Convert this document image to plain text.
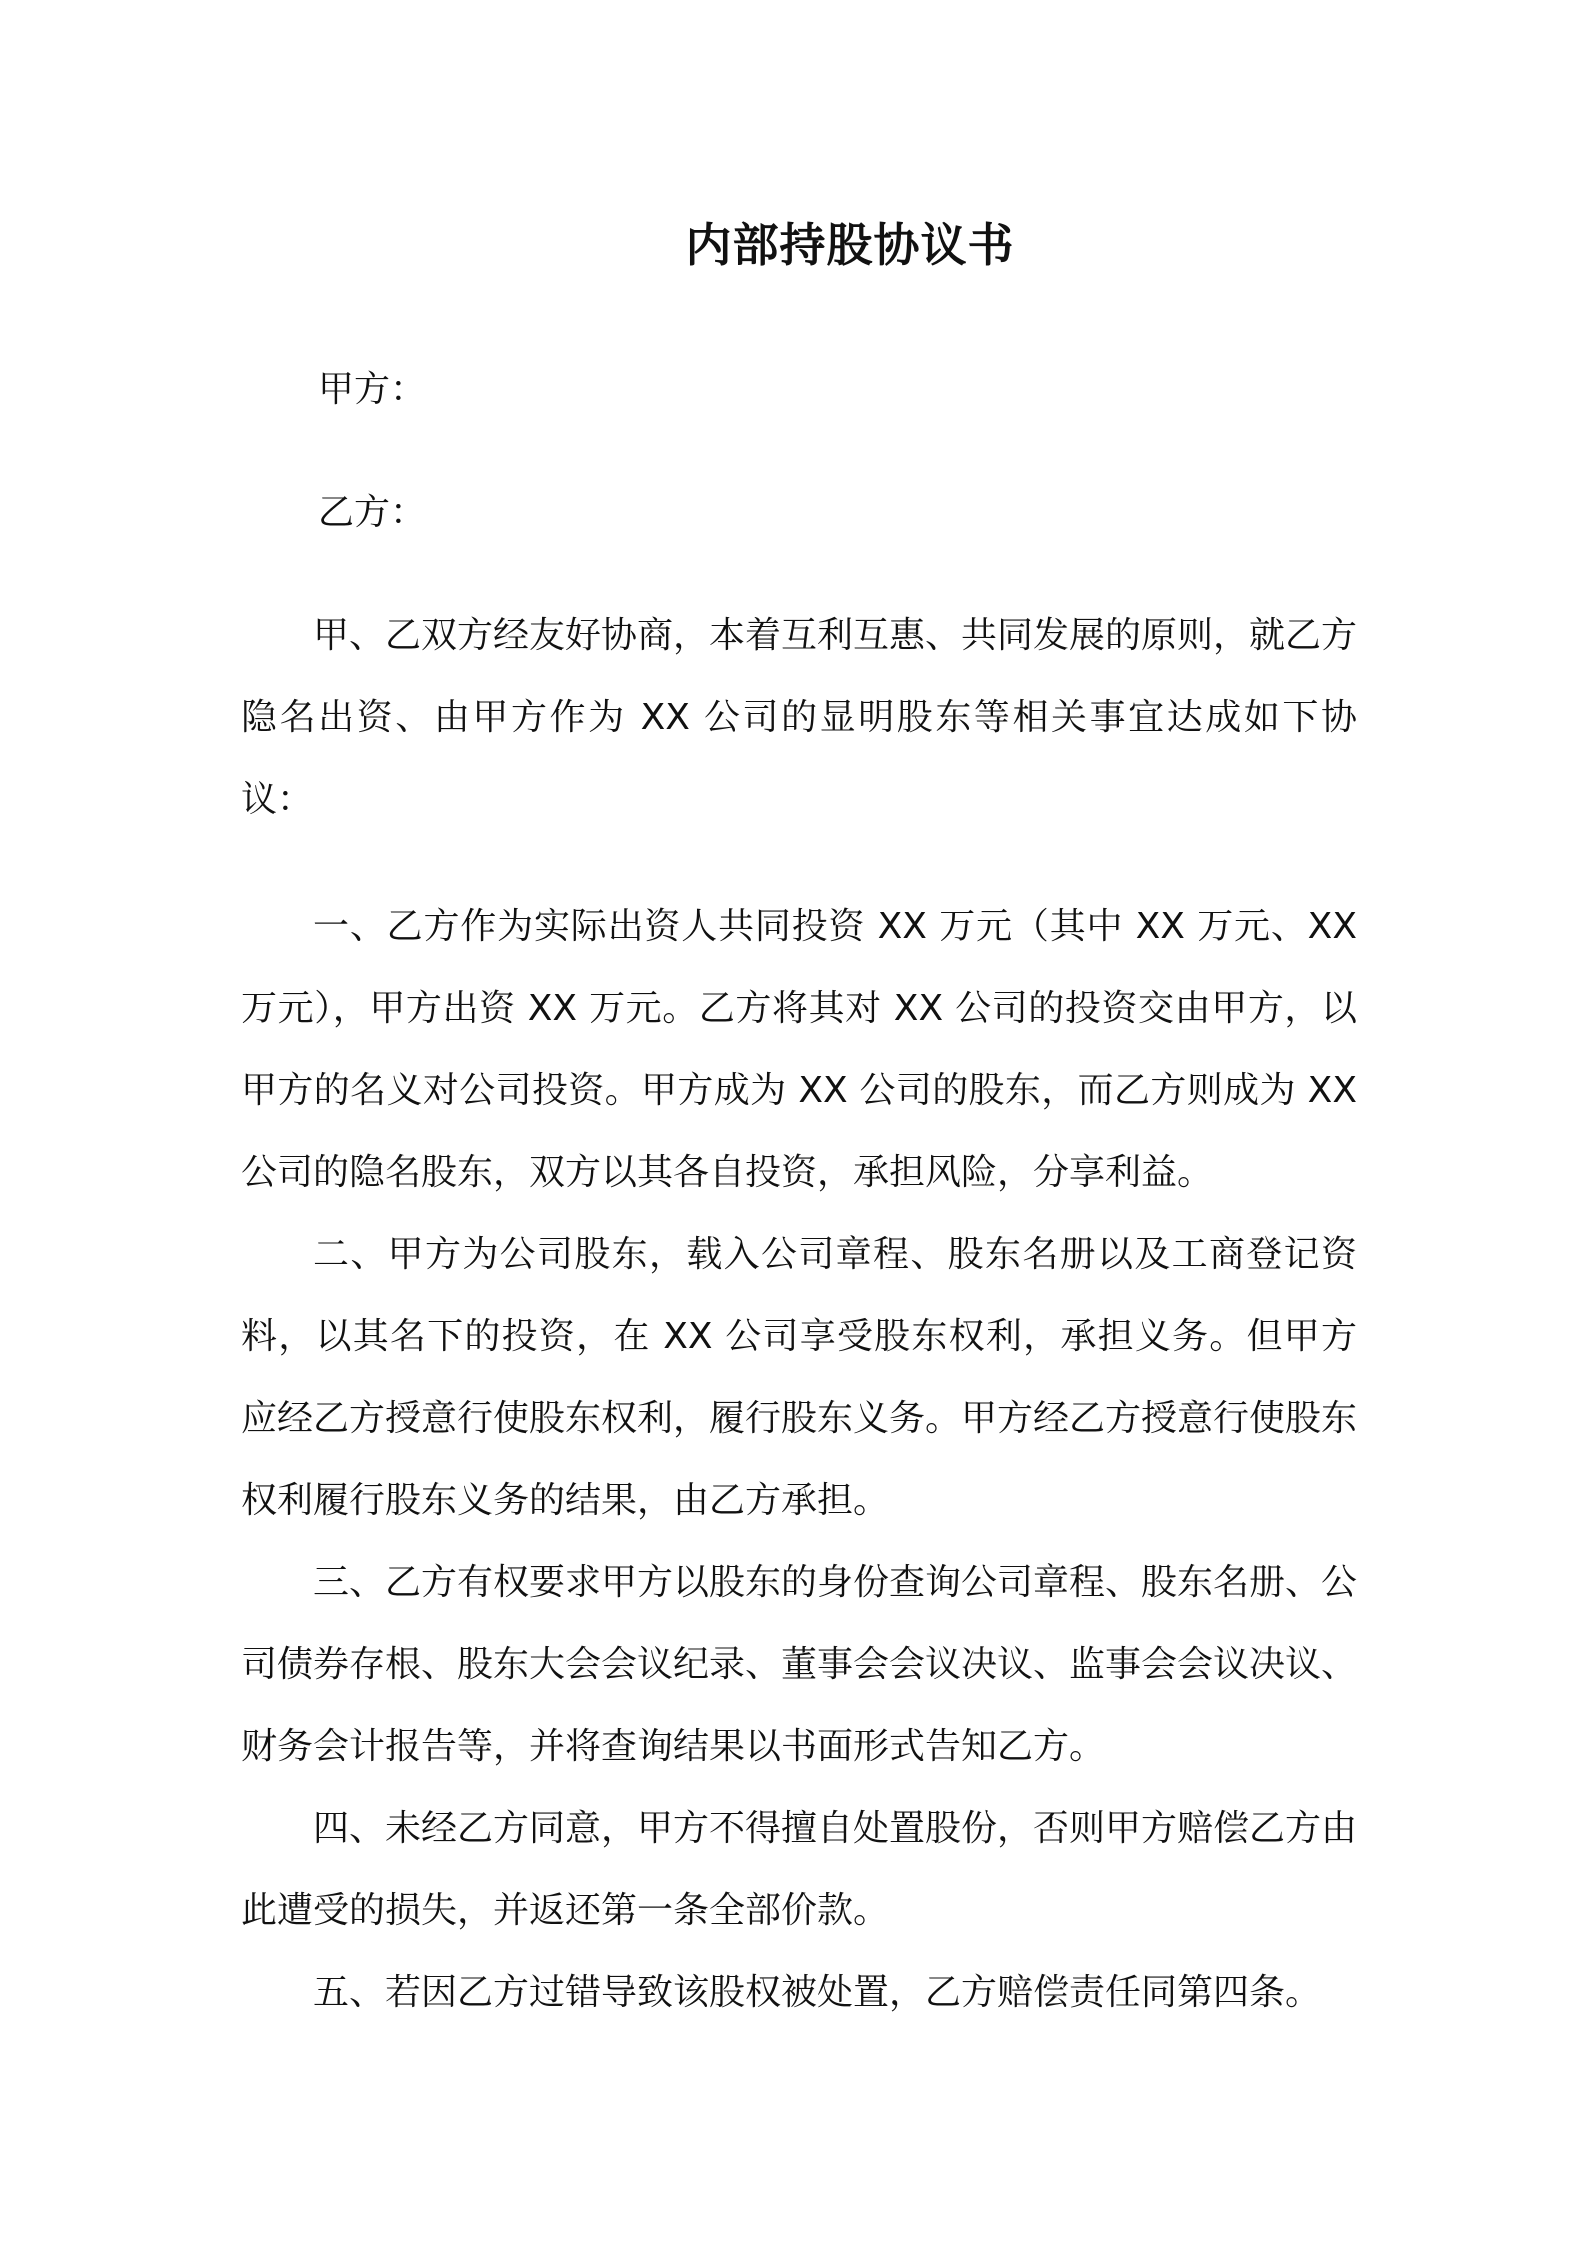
内部持股协议书
甲方：
乙方：

甲、乙双方经友好协商，本着互利互惠、共同发展的原则，就乙方隐名出资、由甲方作为 XX 公司的显明股东等相关事宜达成如下协议：

一、乙方作为实际出资人共同投资 XX 万元（其中 XX 万元、XX 万元），甲方出资 XX 万元。乙方将其对 XX 公司的投资交由甲方，以甲方的名义对公司投资。甲方成为 XX 公司的股东，而乙方则成为 XX 公司的隐名股东，双方以其各自投资，承担风险，分享利益。

二、甲方为公司股东，载入公司章程、股东名册以及工商登记资料，以其名下的投资，在 XX 公司享受股东权利，承担义务。但甲方应经乙方授意行使股东权利，履行股东义务。甲方经乙方授意行使股东权利履行股东义务的结果，由乙方承担。

三、乙方有权要求甲方以股东的身份查询公司章程、股东名册、公司债券存根、股东大会会议纪录、董事会会议决议、监事会会议决议、财务会计报告等，并将查询结果以书面形式告知乙方。

四、未经乙方同意，甲方不得擅自处置股份，否则甲方赔偿乙方由此遭受的损失，并返还第一条全部价款。

五、若因乙方过错导致该股权被处置，乙方赔偿责任同第四条。
